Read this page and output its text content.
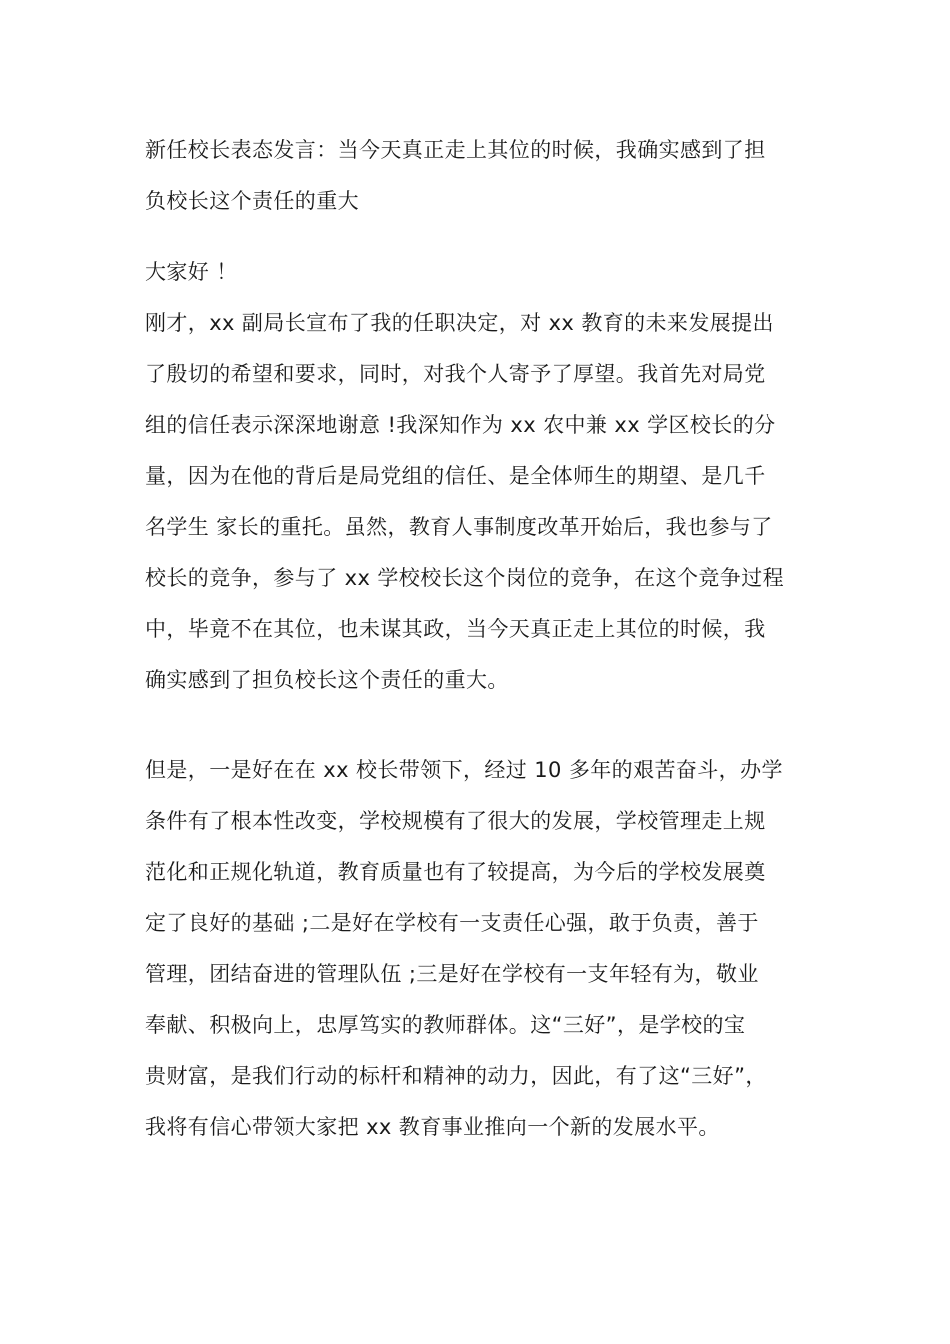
新任校长表态发言：当今天真正走上其位的时候，我确实感到了担
负校长这个责任的重大
大家好 ！
刚才，xx 副局长宣布了我的任职决定，对 xx 教育的未来发展提出
了殷切的希望和要求，同时，对我个人寄予了厚望。我首先对局党
组的信任表示深深地谢意 !我深知作为 xx 农中兼 xx 学区校长的分
量，因为在他的背后是局党组的信任、是全体师生的期望、是几千
名学生 家长的重托。虽然，教育人事制度改革开始后，我也参与了
校长的竞争，参与了 xx 学校校长这个岗位的竞争，在这个竞争过程
中，毕竟不在其位，也未谋其政，当今天真正走上其位的时候，我
确实感到了担负校长这个责任的重大。
但是，一是好在在 xx 校长带领下，经过 10 多年的艰苦奋斗，办学
条件有了根本性改变，学校规模有了很大的发展，学校管理走上规
范化和正规化轨道，教育质量也有了较提高，为今后的学校发展奠
定了良好的基础 ;二是好在学校有一支责任心强，敢于负责，善于
管理，团结奋进的管理队伍 ;三是好在学校有一支年轻有为，敬业
奉献、积极向上，忠厚笃实的教师群体。这“三好”，是学校的宝
贵财富，是我们行动的标杆和精神的动力，因此，有了这“三好”，
我将有信心带领大家把 xx 教育事业推向一个新的发展水平。
